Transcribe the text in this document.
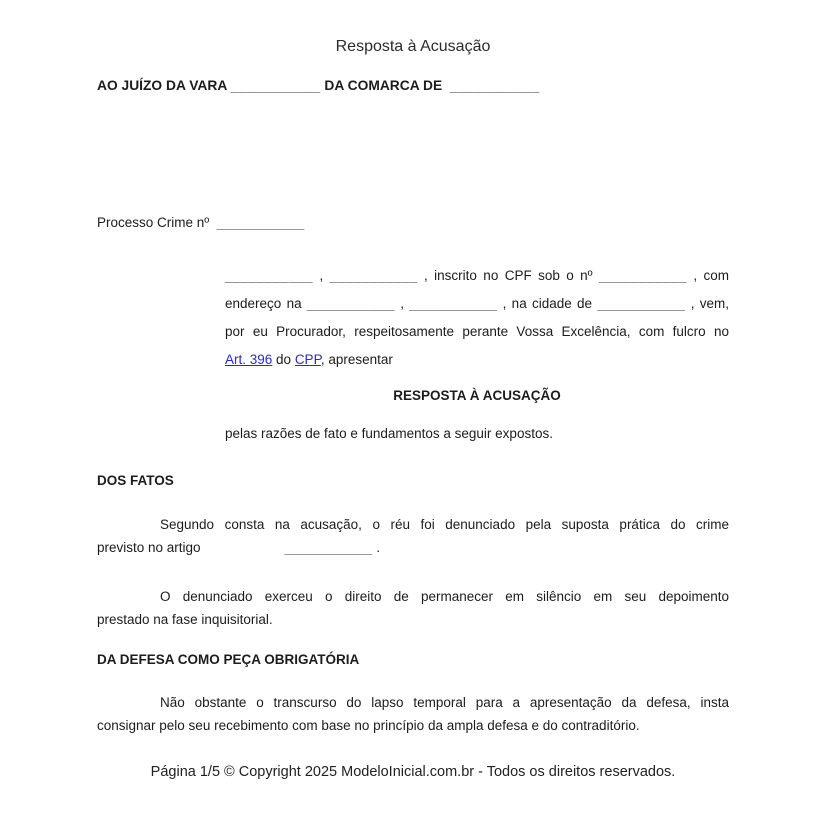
Resposta à Acusação
AO JUÍZO DA VARA ___________ DA COMARCA DE  ___________
Processo Crime nº  ___________
___________ , ___________ , inscrito no CPF sob o nº ___________ , com
endereço na ___________ , ___________ , na cidade de ___________ , vem,
por eu Procurador, respeitosamente perante Vossa Excelência, com fulcro no
Art. 396 do CPP, apresentar
RESPOSTA À ACUSAÇÃO
pelas razões de fato e fundamentos a seguir expostos.
DOS FATOS
Segundo consta na acusação, o réu foi denunciado pela suposta prática do crime
previsto no artigo	___________ .
O denunciado exerceu o direito de permanecer em silêncio em seu depoimento
prestado na fase inquisitorial.
DA DEFESA COMO PEÇA OBRIGATÓRIA
Não obstante o transcurso do lapso temporal para a apresentação da defesa, insta
consignar pelo seu recebimento com base no princípio da ampla defesa e do contraditório.
Página 1/5 © Copyright 2025 ModeloInicial.com.br - Todos os direitos reservados.
